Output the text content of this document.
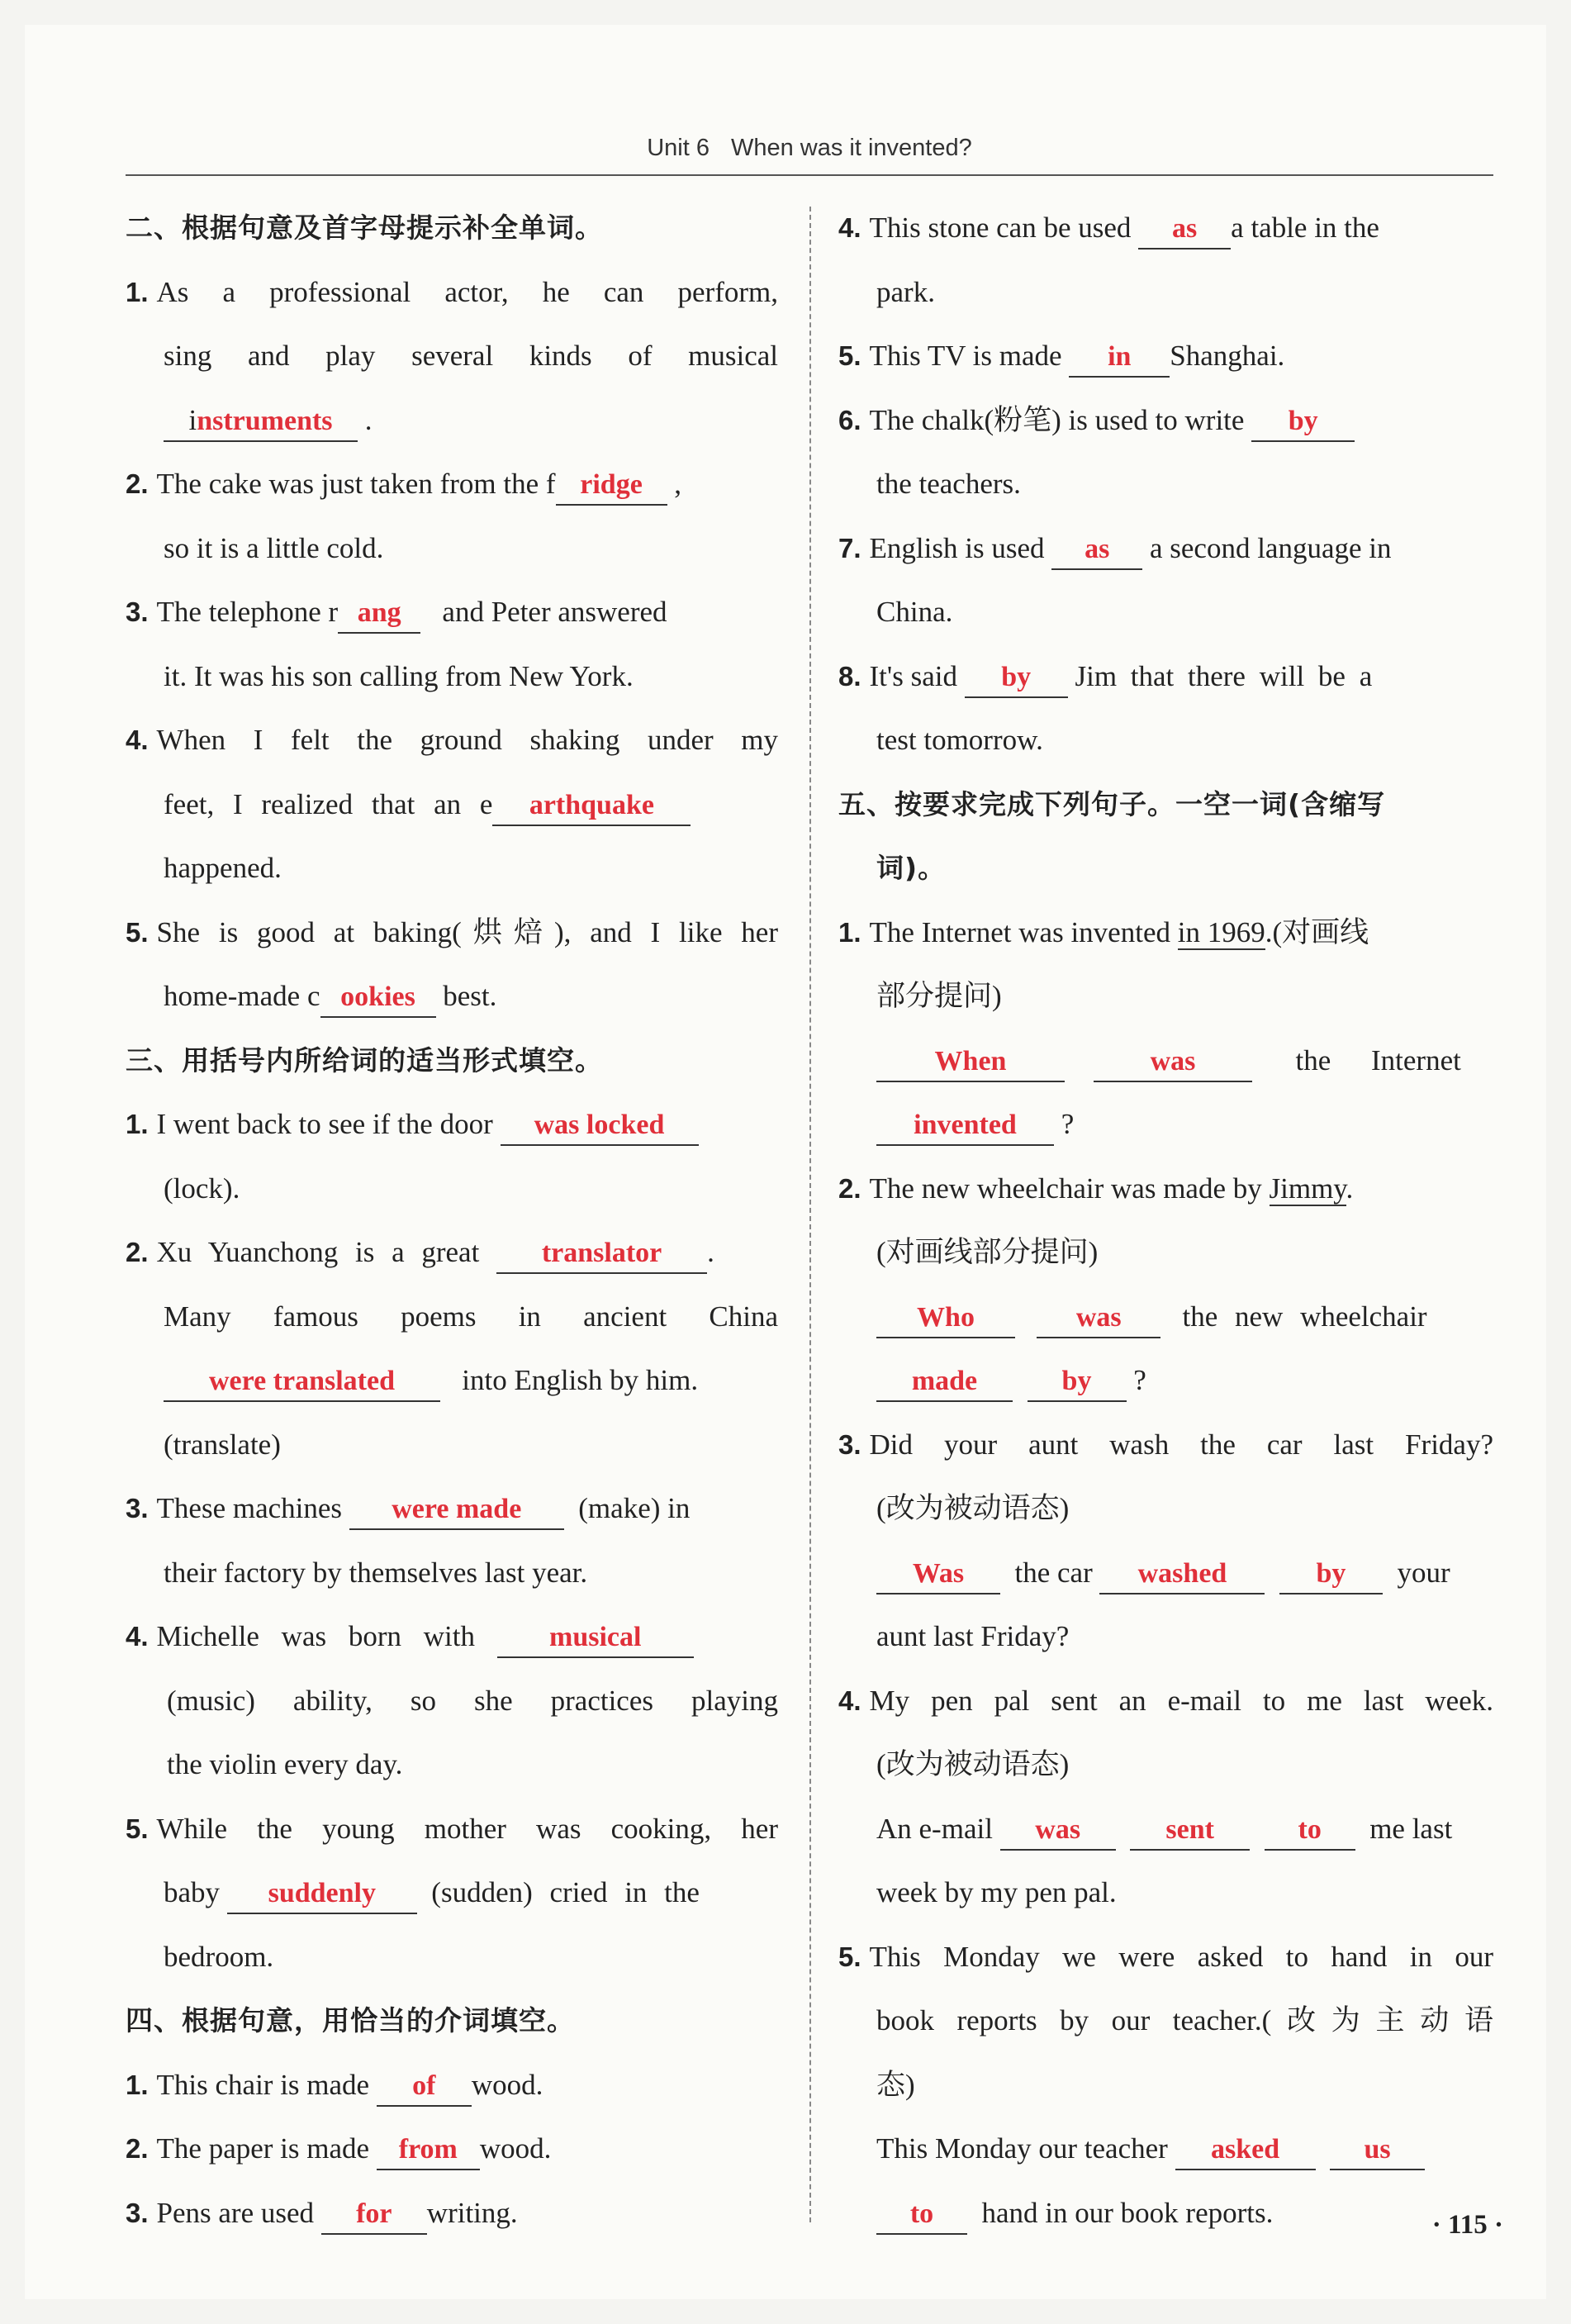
Unit 6 When was it invented?
二、根据句意及首字母提示补全单词。
1. As a professional actor, he can perform,
sing and play several kinds of musical
instruments .
2. The cake was just taken from the f ridge ,
so it is a little cold.
3. The telephone r ang and Peter answered
it. It was his son calling from New York.
4. When I felt the ground shaking under my
feet, I realized that an e arthquake
happened.
5. She is good at baking(烘焙), and I like her
home-made c ookies best.
三、用括号内所给词的适当形式填空。
1. I went back to see if the door was locked
(lock).
2. Xu Yuanchong is a great translator .
Many famous poems in ancient China
were translated into English by him.
(translate)
3. These machines were made (make) in
their factory by themselves last year.
4. Michelle was born with	musical
(music) ability, so she practices playing
the violin every day.
5. While the young mother was cooking, her
baby suddenly (sudden) cried in the
bedroom.
四、根据句意，用恰当的介词填空。
1. This chair is made of wood.
2. The paper is made from wood.
3. Pens are used for writing.
4. This stone can be used as a table in the
park.
5. This TV is made in Shanghai.
6. The chalk(粉笔) is used to write by
the teachers.
7. English is used as a second language in
China.
8. It's said by Jim that there will be a
test tomorrow.
五、按要求完成下列句子。一空一词(含缩写
词)。
1. The Internet was invented in 1969.(对画线
部分提问)
When	was	the Internet
invented ?
2. The new wheelchair was made by Jimmy.
(对画线部分提问)
Who	was the new wheelchair
made	by ?
3. Did your aunt wash the car last Friday?
(改为被动语态)
Was the car washed	by your
aunt last Friday?
4. My pen pal sent an e-mail to me last week.
(改为被动语态)
An e-mail was	sent	to me last
week by my pen pal.
5. This Monday we were asked to hand in our
book reports by our teacher.(改为主动语
态)
This Monday our teacher asked	us
to hand in our book reports.	· 115 ·
